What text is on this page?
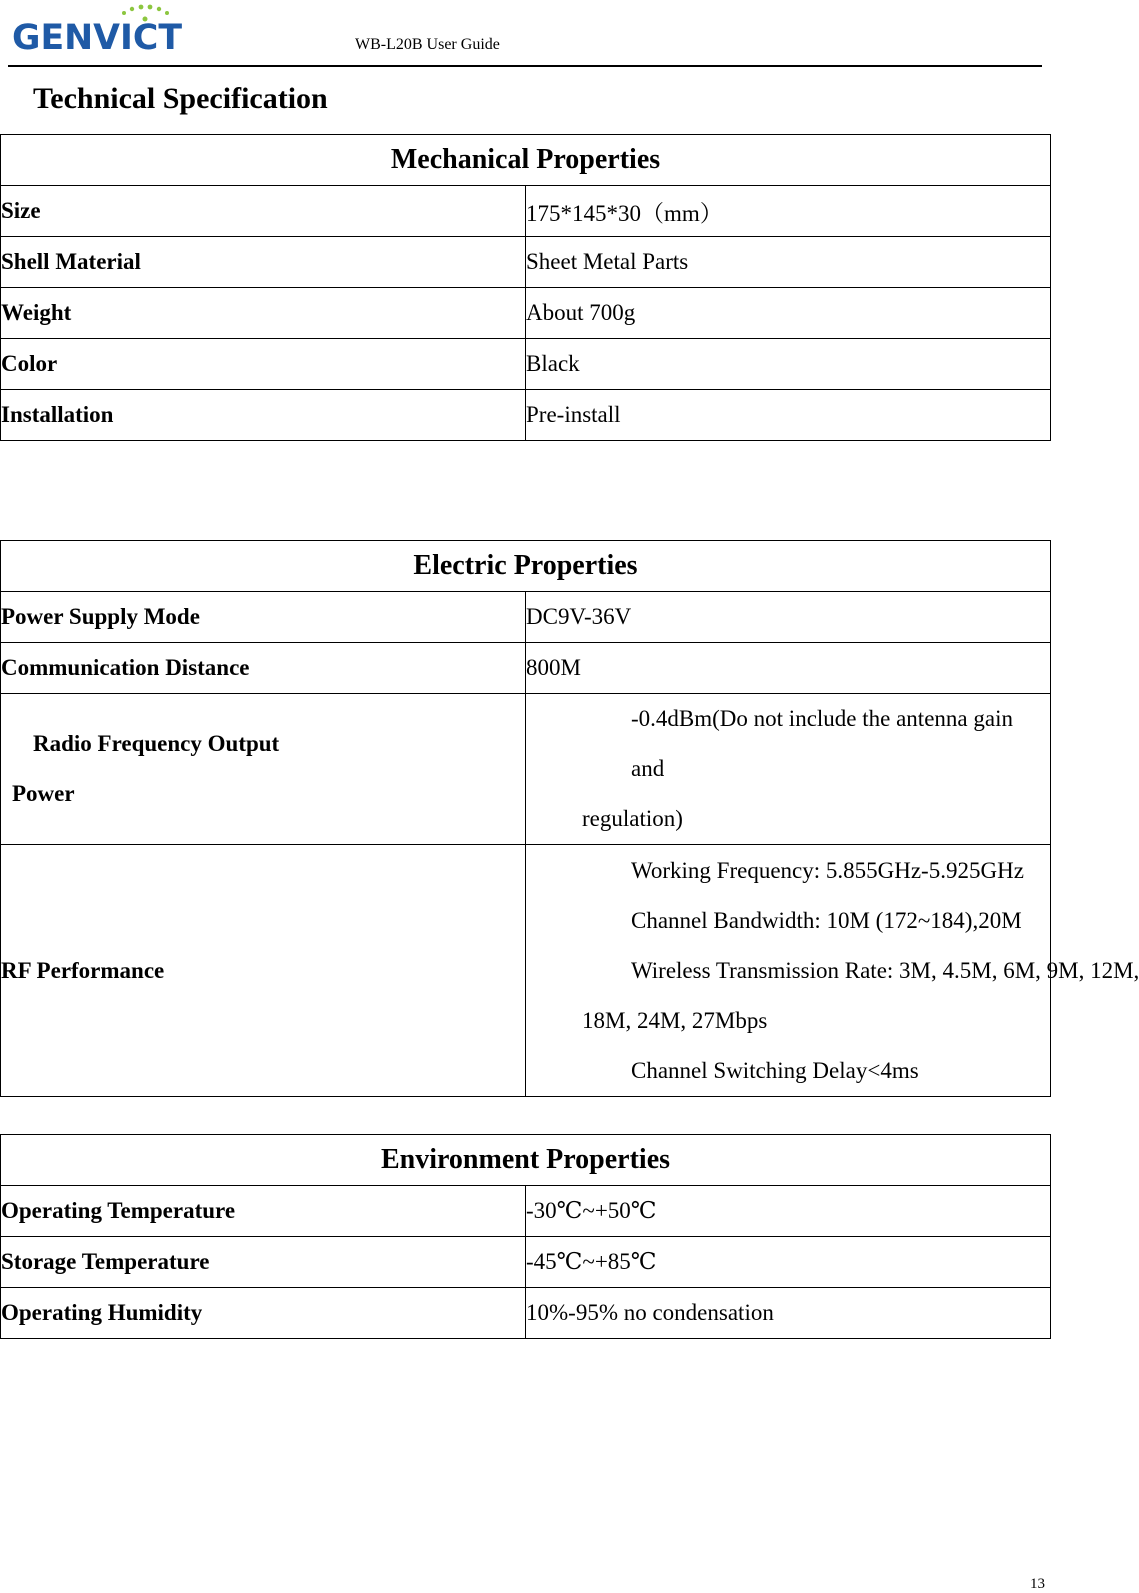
GENVICT	WB-L20B User Guide
Technical Specification
Mechanical Properties	
Size	175*145*30（mm）
Shell Material	Sheet Metal Parts
Weight	About 700g
Color	Black
Installation	Pre-install
Electric Properties	
Power Supply Mode	DC9V-36V
Communication Distance	800M

Radio Frequency Output
Power	-0.4dBm(Do not include the antenna gain and
regulation)

RF Performance	Working Frequency: 5.855GHz-5.925GHz
Channel Bandwidth: 10M (172~184),20M
Wireless Transmission Rate: 3M, 4.5M, 6M, 9M, 12M,
18M, 24M, 27Mbps
Channel Switching Delay<4ms
Environment Properties	
Operating Temperature	-30℃~+50℃
Storage Temperature	-45℃~+85℃
Operating Humidity	10%-95% no condensation
13
